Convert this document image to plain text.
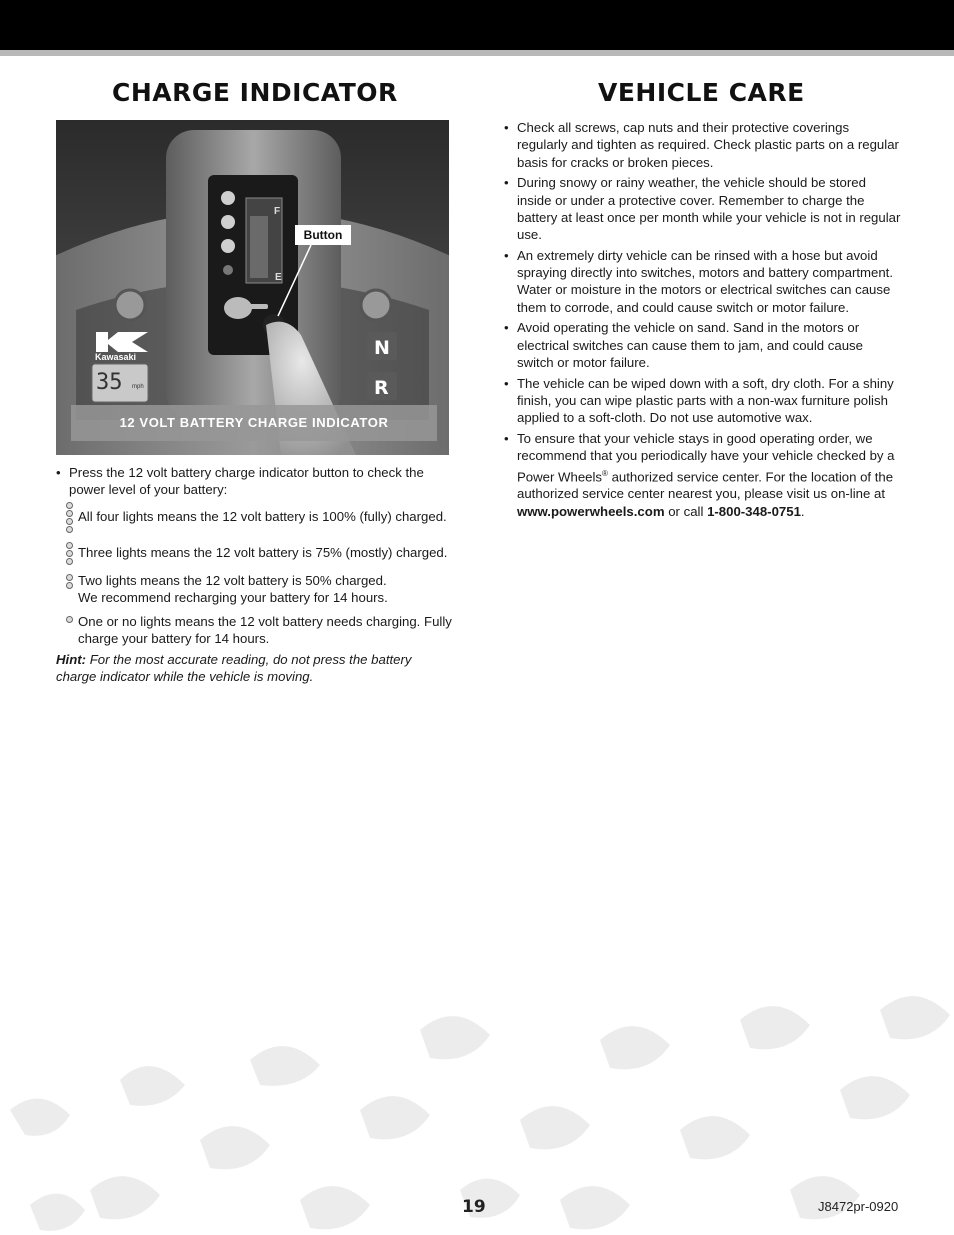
CHARGE INDICATOR	VEHICLE CARE
F
E
N
R
Kawasaki
35 mph
Button
12 VOLT BATTERY CHARGE INDICATOR
• Press the 12 volt battery charge indicator button to check the
power level of your battery:
All four lights means the 12 volt battery is 100% (fully) charged.
Three lights means the 12 volt battery is 75% (mostly) charged.
Two lights means the 12 volt battery is 50% charged.
We recommend recharging your battery for 14 hours.
One or no lights means the 12 volt battery needs charging. Fully
charge your battery for 14 hours.
Hint: For the most accurate reading, do not press the battery charge indicator while the vehicle is moving.
• Check all screws, cap nuts and their protective coverings regularly and tighten as required. Check plastic parts on a regular basis for cracks or broken pieces.
• During snowy or rainy weather, the vehicle should be stored inside or under a protective cover. Remember to charge the battery at least once per month while your vehicle is not in regular use.
• An extremely dirty vehicle can be rinsed with a hose but avoid spraying directly into switches, motors and battery compartment. Water or moisture in the motors or electrical switches can cause them to corrode, and could cause switch or motor failure.
• Avoid operating the vehicle on sand. Sand in the motors or electrical switches can cause them to jam, and could cause switch or motor failure.
• The vehicle can be wiped down with a soft, dry cloth. For a shiny finish, you can wipe plastic parts with a non-wax furniture polish applied to a soft-cloth. Do not use automotive wax.
• To ensure that your vehicle stays in good operating order, we recommend that you periodically have your vehicle checked by a Power Wheels® authorized service center. For the location of the authorized service center nearest you, please visit us on-line at www.powerwheels.com or call 1-800-348-0751.
19	J8472pr-0920
